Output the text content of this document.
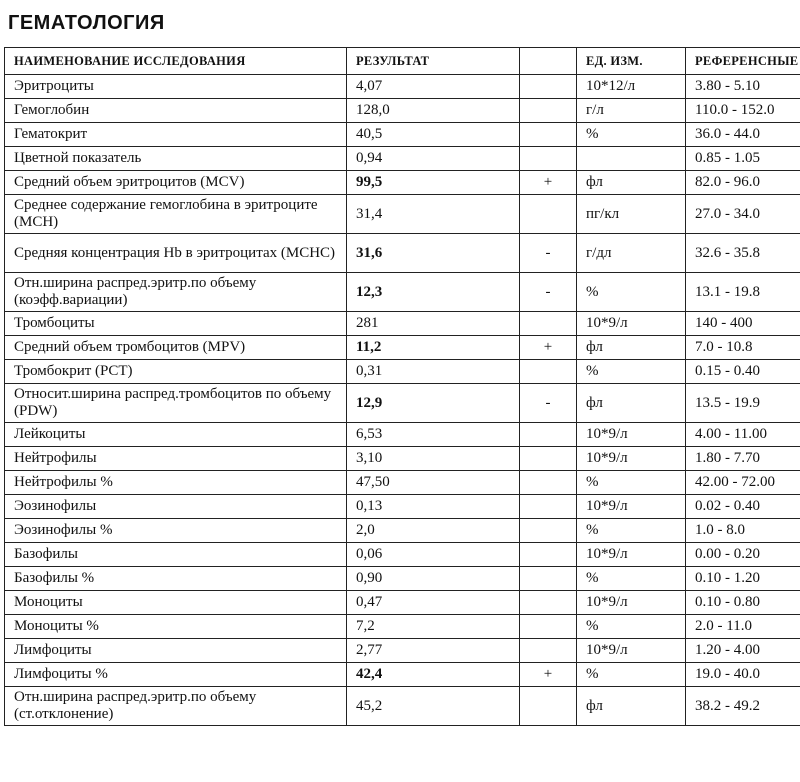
ГЕМАТОЛОГИЯ
НАИМЕНОВАНИЕ ИССЛЕДОВАНИЯ	РЕЗУЛЬТАТ		ЕД. ИЗМ.	РЕФЕРЕНСНЫЕ
Эритроциты	4,07		10*12/л	3.80 - 5.10
Гемоглобин	128,0		г/л	110.0 - 152.0
Гематокрит	40,5		%	36.0 - 44.0
Цветной показатель	0,94			0.85 - 1.05
Средний объем эритроцитов (MCV)	99,5	+	фл	82.0 - 96.0
Среднее содержание гемоглобина в эритроците (MCH)	31,4		пг/кл	27.0 - 34.0
Средняя концентрация Hb в эритроцитах (MCHC)	31,6	-	г/дл	32.6 - 35.8
Отн.ширина распред.эритр.по объему (коэфф.вариации)	12,3	-	%	13.1 - 19.8
Тромбоциты	281		10*9/л	140 - 400
Средний объем тромбоцитов (MPV)	11,2	+	фл	7.0 - 10.8
Тромбокрит (PCT)	0,31		%	0.15 - 0.40
Относит.ширина распред.тромбоцитов по объему (PDW)	12,9	-	фл	13.5 - 19.9
Лейкоциты	6,53		10*9/л	4.00 - 11.00
Нейтрофилы	3,10		10*9/л	1.80 - 7.70
Нейтрофилы %	47,50		%	42.00 - 72.00
Эозинофилы	0,13		10*9/л	0.02 - 0.40
Эозинофилы %	2,0		%	1.0 - 8.0
Базофилы	0,06		10*9/л	0.00 - 0.20
Базофилы %	0,90		%	0.10 - 1.20
Моноциты	0,47		10*9/л	0.10 - 0.80
Моноциты %	7,2		%	2.0 - 11.0
Лимфоциты	2,77		10*9/л	1.20 - 4.00
Лимфоциты %	42,4	+	%	19.0 - 40.0
Отн.ширина распред.эритр.по объему (ст.отклонение)	45,2		фл	38.2 - 49.2
